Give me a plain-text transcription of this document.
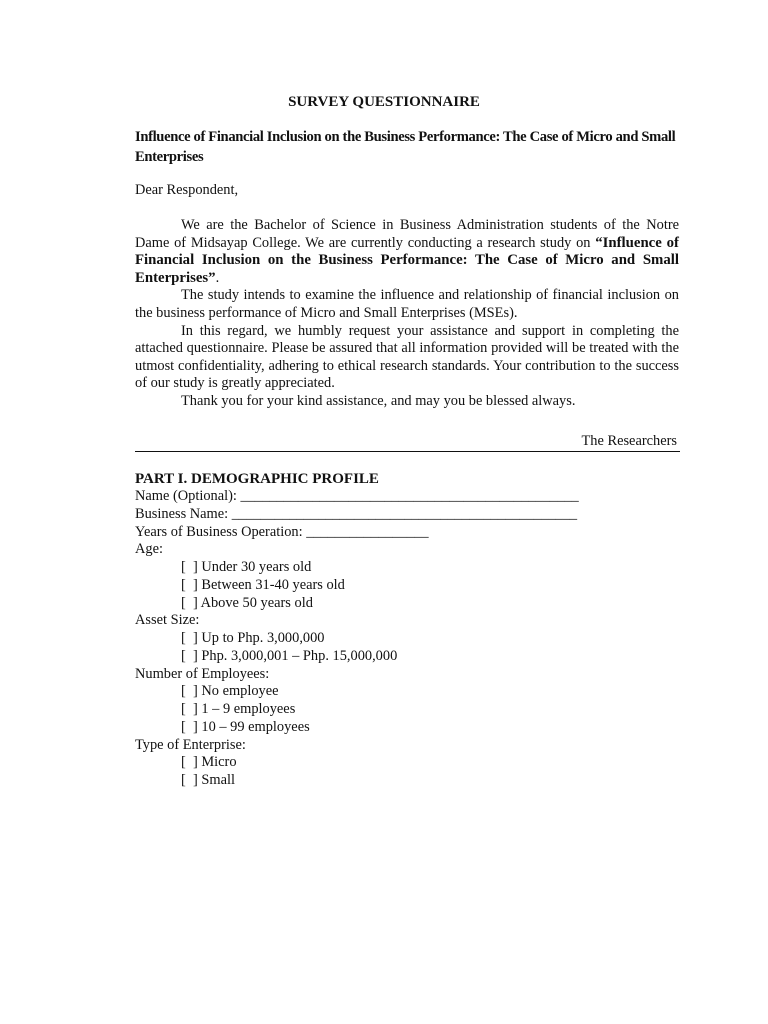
SURVEY QUESTIONNAIRE
Influence of Financial Inclusion on the Business Performance: The Case of Micro and Small Enterprises
Dear Respondent,

We are the Bachelor of Science in Business Administration students of the Notre Dame of Midsayap College. We are currently conducting a research study on “Influence of Financial Inclusion on the Business Performance: The Case of Micro and Small Enterprises”.

The study intends to examine the influence and relationship of financial inclusion on the business performance of Micro and Small Enterprises (MSEs).

In this regard, we humbly request your assistance and support in completing the attached questionnaire. Please be assured that all information provided will be treated with the utmost confidentiality, adhering to ethical research standards. Your contribution to the success of our study is greatly appreciated.

Thank you for your kind assistance, and may you be blessed always.

The Researchers
PART I. DEMOGRAPHIC PROFILE
Name (Optional): _______________________________________________
Business Name: ________________________________________________
Years of Business Operation: _________________
Age:
[  ] Under 30 years old
[  ] Between 31-40 years old
[  ] Above 50 years old
Asset Size:
[  ] Up to Php. 3,000,000
[  ] Php. 3,000,001 – Php. 15,000,000
Number of Employees:
[  ] No employee
[  ] 1 – 9 employees
[  ] 10 – 99 employees
Type of Enterprise:
[  ] Micro
[  ] Small
